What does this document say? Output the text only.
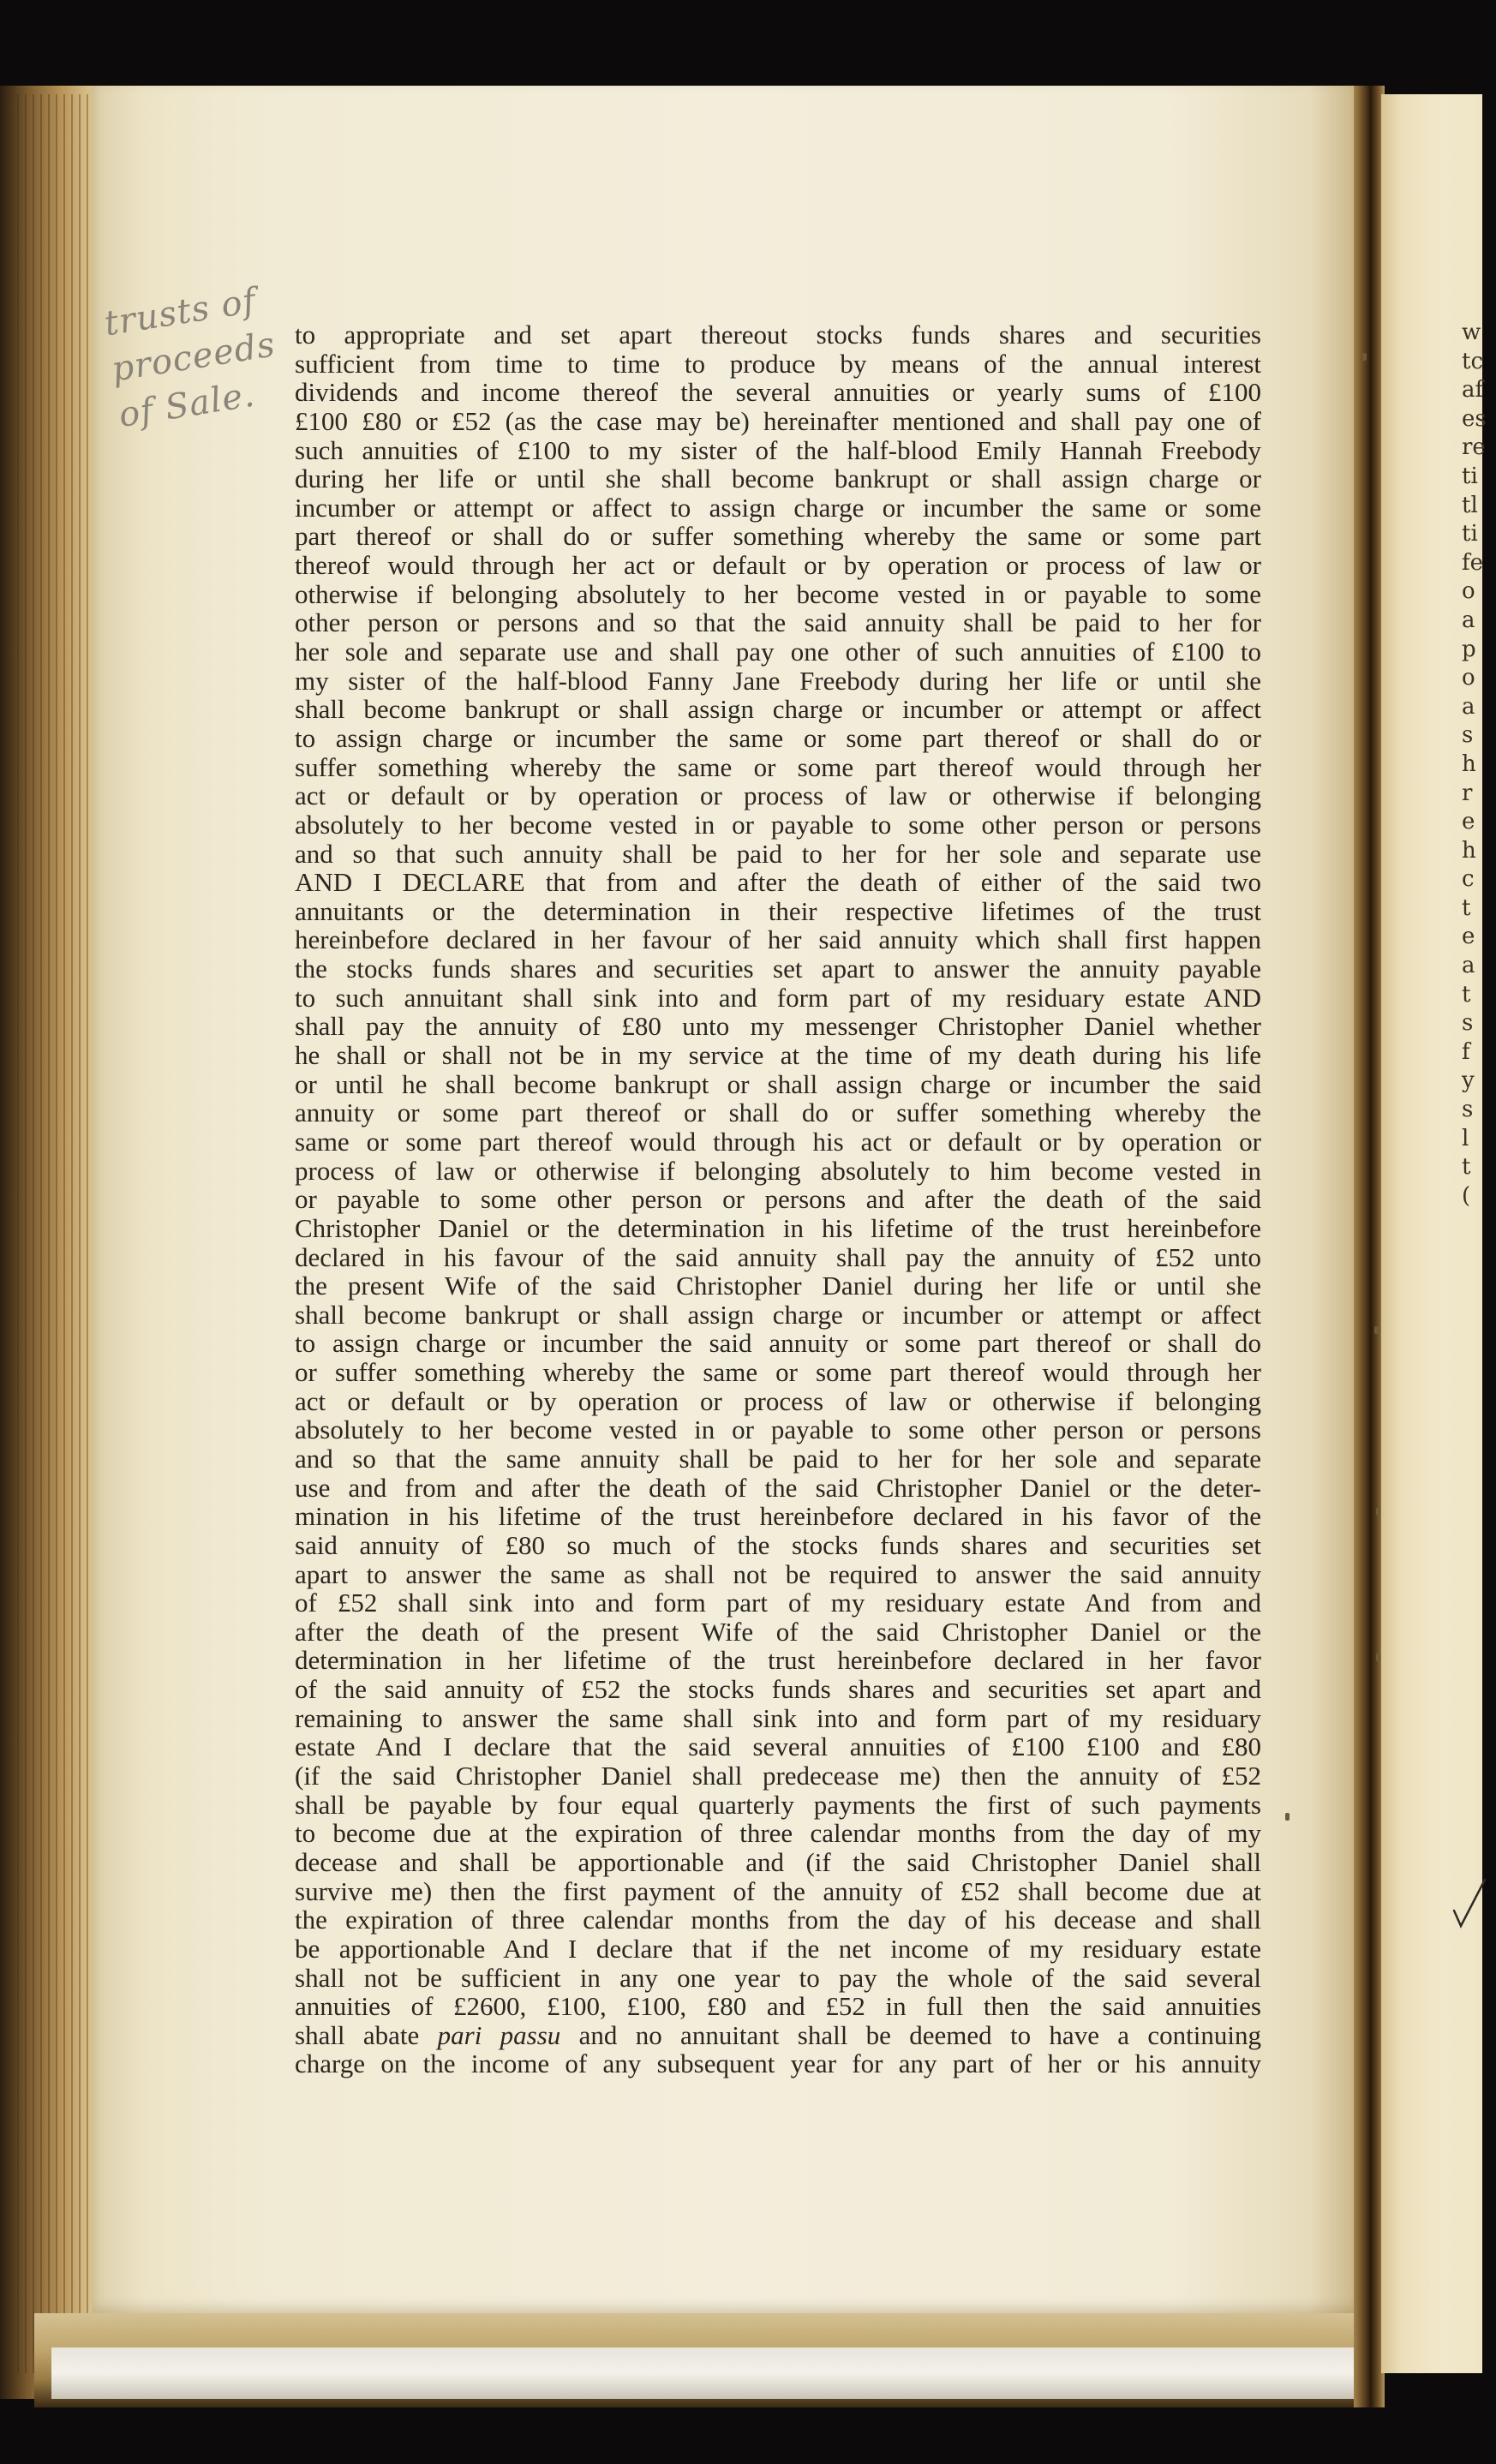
w
tc
af
es
re
ti
tl
ti
fe
o
a
p
o
a
s
h
r
e
h
c
t
e
a
t
s
f
y
s
l
t
(
trusts of
proceeds
of Sale.
to appropriate and set apart thereout stocks funds shares and securities
sufficient from time to time to produce by means of the annual interest
dividends and income thereof the several annuities or yearly sums of £100
£100 £80 or £52 (as the case may be) hereinafter mentioned and shall pay one of
such annuities of £100 to my sister of the half-blood Emily Hannah Freebody
during her life or until she shall become bankrupt or shall assign charge or
incumber or attempt or affect to assign charge or incumber the same or some
part thereof or shall do or suffer something whereby the same or some part
thereof would through her act or default or by operation or process of law or
otherwise if belonging absolutely to her become vested in or payable to some
other person or persons and so that the said annuity shall be paid to her for
her sole and separate use and shall pay one other of such annuities of £100 to
my sister of the half-blood Fanny Jane Freebody during her life or until she
shall become bankrupt or shall assign charge or incumber or attempt or affect
to assign charge or incumber the same or some part thereof or shall do or
suffer something whereby the same or some part thereof would through her
act or default or by operation or process of law or otherwise if belonging
absolutely to her become vested in or payable to some other person or persons
and so that such annuity shall be paid to her for her sole and separate use
AND I DECLARE that from and after the death of either of the said two
annuitants or the determination in their respective lifetimes of the trust
hereinbefore declared in her favour of her said annuity which shall first happen
the stocks funds shares and securities set apart to answer the annuity payable
to such annuitant shall sink into and form part of my residuary estate AND
shall pay the annuity of £80 unto my messenger Christopher Daniel whether
he shall or shall not be in my service at the time of my death during his life
or until he shall become bankrupt or shall assign charge or incumber the said
annuity or some part thereof or shall do or suffer something whereby the
same or some part thereof would through his act or default or by operation or
process of law or otherwise if belonging absolutely to him become vested in
or payable to some other person or persons and after the death of the said
Christopher Daniel or the determination in his lifetime of the trust hereinbefore
declared in his favour of the said annuity shall pay the annuity of £52 unto
the present Wife of the said Christopher Daniel during her life or until she
shall become bankrupt or shall assign charge or incumber or attempt or affect
to assign charge or incumber the said annuity or some part thereof or shall do
or suffer something whereby the same or some part thereof would through her
act or default or by operation or process of law or otherwise if belonging
absolutely to her become vested in or payable to some other person or persons
and so that the same annuity shall be paid to her for her sole and separate
use and from and after the death of the said Christopher Daniel or the deter-
mination in his lifetime of the trust hereinbefore declared in his favor of the
said annuity of £80 so much of the stocks funds shares and securities set
apart to answer the same as shall not be required to answer the said annuity
of £52 shall sink into and form part of my residuary estate And from and
after the death of the present Wife of the said Christopher Daniel or the
determination in her lifetime of the trust hereinbefore declared in her favor
of the said annuity of £52 the stocks funds shares and securities set apart and
remaining to answer the same shall sink into and form part of my residuary
estate And I declare that the said several annuities of £100 £100 and £80
(if the said Christopher Daniel shall predecease me) then the annuity of £52
shall be payable by four equal quarterly payments the first of such payments
to become due at the expiration of three calendar months from the day of my
decease and shall be apportionable and (if the said Christopher Daniel shall
survive me) then the first payment of the annuity of £52 shall become due at
the expiration of three calendar months from the day of his decease and shall
be apportionable And I declare that if the net income of my residuary estate
shall not be sufficient in any one year to pay the whole of the said several
annuities of £2600, £100, £100, £80 and £52 in full then the said annuities
shall abate pari passu and no annuitant shall be deemed to have a continuing
charge on the income of any subsequent year for any part of her or his annuity
